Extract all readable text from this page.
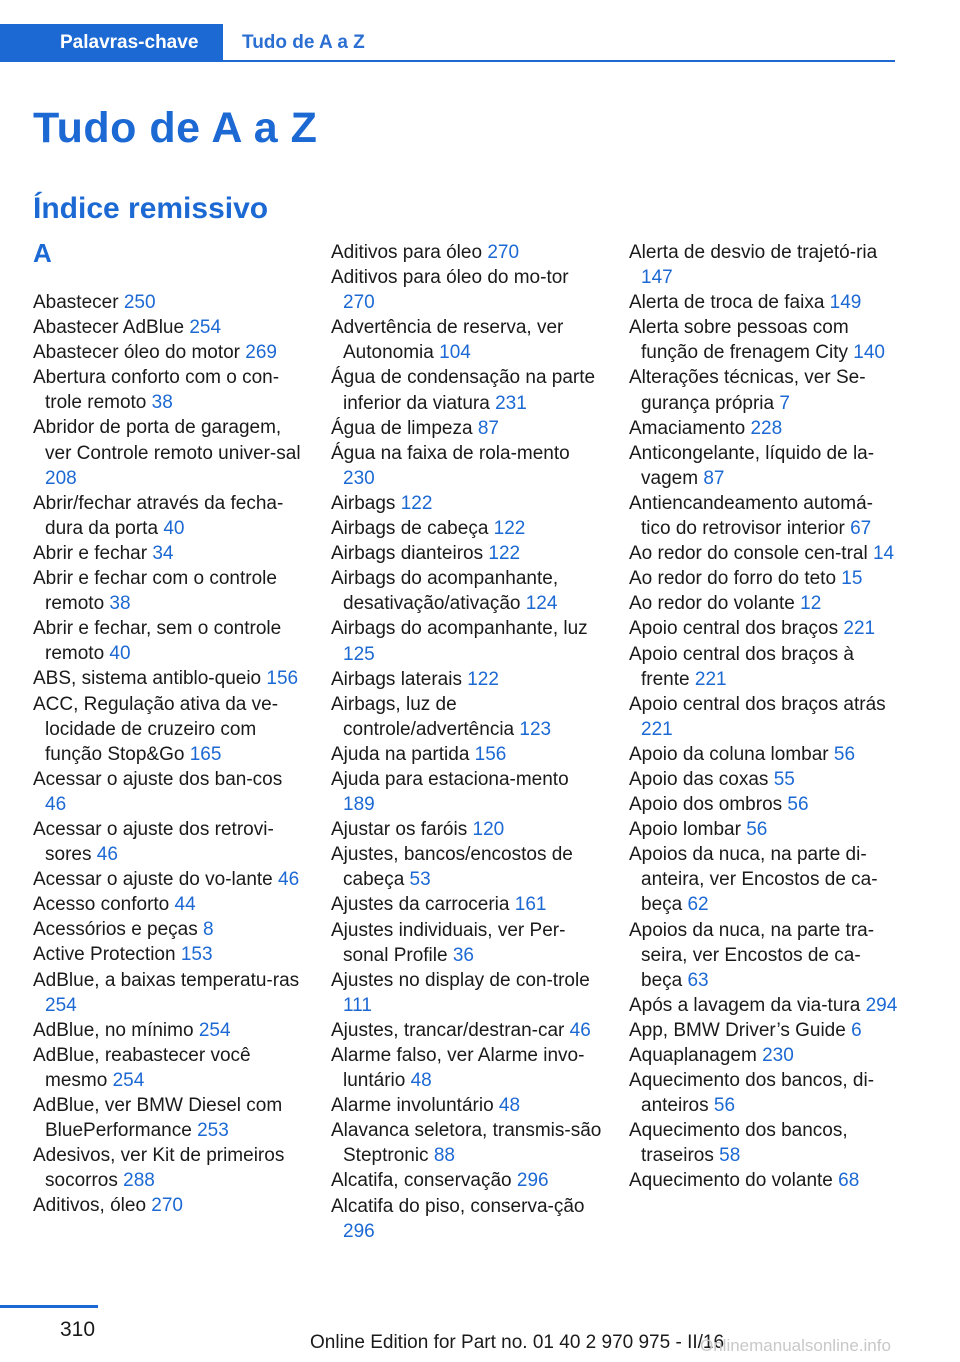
Palavras-chave	Tudo de A a Z
Tudo de A a Z
Índice remissivo
A
Abastecer 250
Abastecer AdBlue 254
Abastecer óleo do motor 269
Abertura conforto com o con‐trole remoto 38
Abridor de porta de garagem, ver Controle remoto univer‐sal 208
Abrir/fechar através da fecha‐dura da porta 40
Abrir e fechar 34
Abrir e fechar com o controle remoto 38
Abrir e fechar, sem o controle remoto 40
ABS, sistema antiblo‐queio 156
ACC, Regulação ativa da ve‐locidade de cruzeiro com função Stop&Go 165
Acessar o ajuste dos ban‐cos 46
Acessar o ajuste dos retrovi‐sores 46
Acessar o ajuste do vo‐lante 46
Acesso conforto 44
Acessórios e peças 8
Active Protection 153
AdBlue, a baixas temperatu‐ras 254
AdBlue, no mínimo 254
AdBlue, reabastecer você mesmo 254
AdBlue, ver BMW Diesel com BluePerformance 253
Adesivos, ver Kit de primeiros socorros 288
Aditivos, óleo 270
Aditivos para óleo 270
Aditivos para óleo do mo‐tor 270
Advertência de reserva, ver Autonomia 104
Água de condensação na parte inferior da viatura 231
Água de limpeza 87
Água na faixa de rola‐mento 230
Airbags 122
Airbags de cabeça 122
Airbags dianteiros 122
Airbags do acompanhante, desativação/ativação 124
Airbags do acompanhante, luz 125
Airbags laterais 122
Airbags, luz de controle/advertência 123
Ajuda na partida 156
Ajuda para estaciona‐mento 189
Ajustar os faróis 120
Ajustes, bancos/encostos de cabeça 53
Ajustes da carroceria 161
Ajustes individuais, ver Per‐sonal Profile 36
Ajustes no display de con‐trole 111
Ajustes, trancar/destran‐car 46
Alarme falso, ver Alarme invo‐luntário 48
Alarme involuntário 48
Alavanca seletora, transmis‐são Steptronic 88
Alcatifa, conservação 296
Alcatifa do piso, conserva‐ção 296
Alerta de desvio de trajetó‐ria 147
Alerta de troca de faixa 149
Alerta sobre pessoas com função de frenagem City 140
Alterações técnicas, ver Se‐gurança própria 7
Amaciamento 228
Anticongelante, líquido de la‐vagem 87
Antiencandeamento automá‐tico do retrovisor interior 67
Ao redor do console cen‐tral 14
Ao redor do forro do teto 15
Ao redor do volante 12
Apoio central dos braços 221
Apoio central dos braços à frente 221
Apoio central dos braços atrás 221
Apoio da coluna lombar 56
Apoio das coxas 55
Apoio dos ombros 56
Apoio lombar 56
Apoios da nuca, na parte di‐anteira, ver Encostos de ca‐beça 62
Apoios da nuca, na parte tra‐seira, ver Encostos de ca‐beça 63
Após a lavagem da via‐tura 294
App, BMW Driver’s Guide 6
Aquaplanagem 230
Aquecimento dos bancos, di‐anteiros 56
Aquecimento dos bancos, traseiros 58
Aquecimento do volante 68
310
Online Edition for Part no. 01 40 2 970 975 - II/16
Onlinemanualsonline.info
